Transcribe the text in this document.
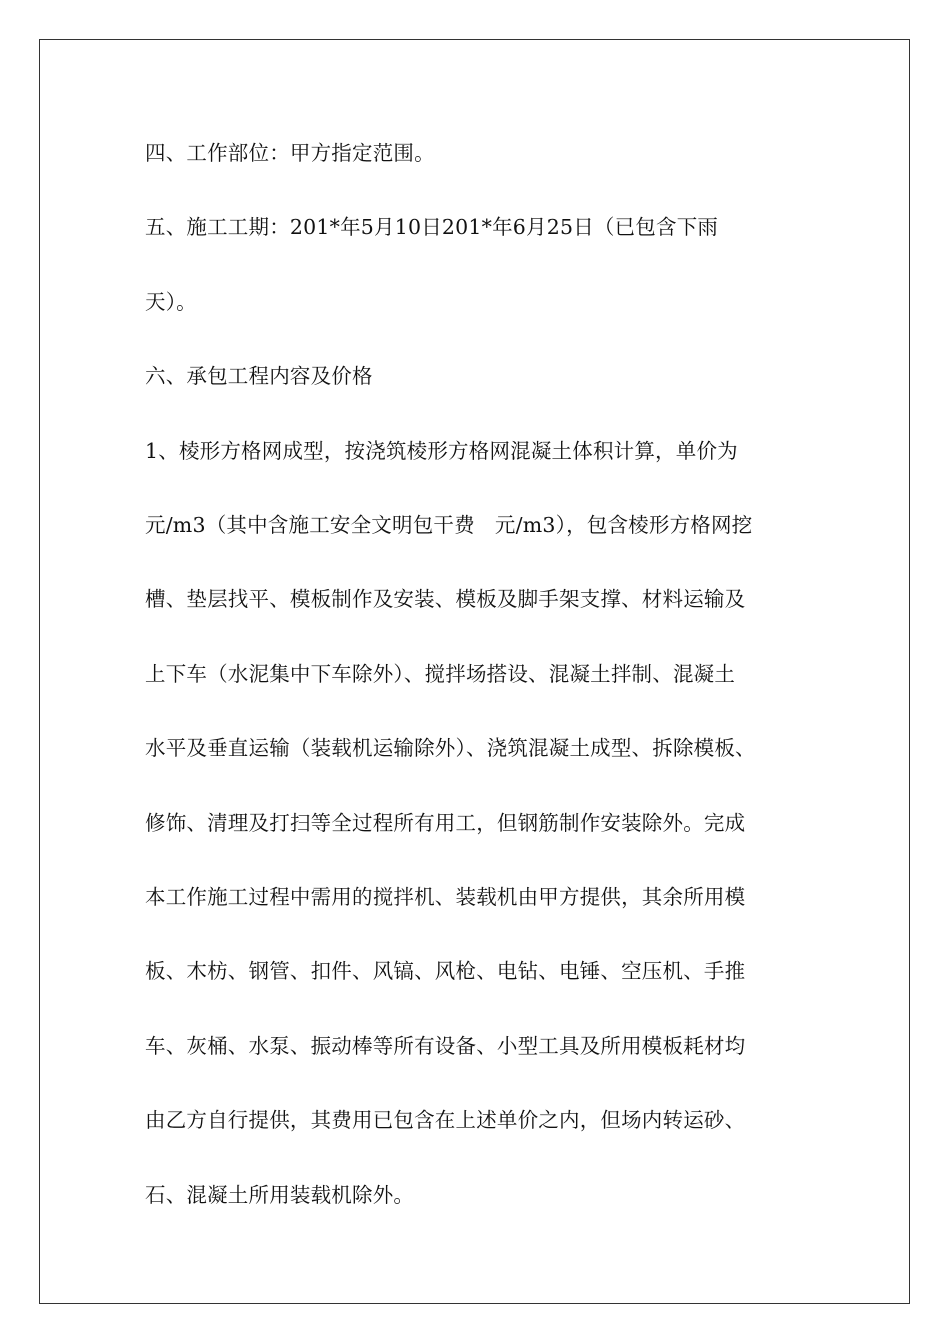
四、工作部位：甲方指定范围。
五、施工工期：201*年5月10日201*年6月25日（已包含下雨
天）。
六、承包工程内容及价格
1、棱形方格网成型，按浇筑棱形方格网混凝土体积计算，单价为
元/m3（其中含施工安全文明包干费   元/m3），包含棱形方格网挖
槽、垫层找平、模板制作及安装、模板及脚手架支撑、材料运输及
上下车（水泥集中下车除外）、搅拌场搭设、混凝土拌制、混凝土
水平及垂直运输（装载机运输除外）、浇筑混凝土成型、拆除模板、
修饰、清理及打扫等全过程所有用工，但钢筋制作安装除外。完成
本工作施工过程中需用的搅拌机、装载机由甲方提供，其余所用模
板、木枋、钢管、扣件、风镐、风枪、电钻、电锤、空压机、手推
车、灰桶、水泵、振动棒等所有设备、小型工具及所用模板耗材均
由乙方自行提供，其费用已包含在上述单价之内，但场内转运砂、
石、混凝土所用装载机除外。
